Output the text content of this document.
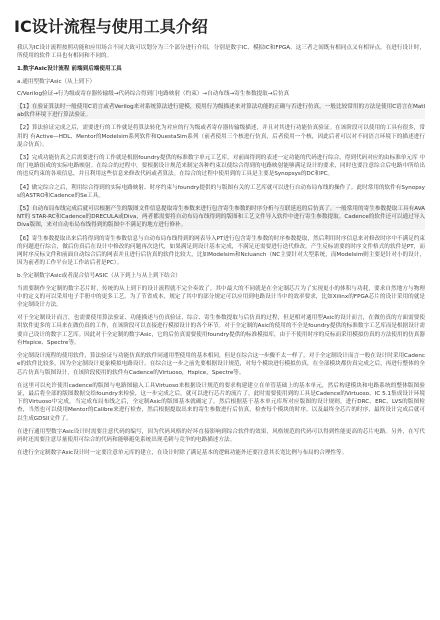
IC设计流程与使用工具介绍

我认为IC设计流程按照功能和应用场合不同大致可以划分为三个部分进行介绍，分别是数字IC、模拟IC和FPGA。这三者之间既有相同点又有相异点。在进行设计时，所使用的软件工具也有相同和不同的。

1.数字Asic设计流程 前端到后端使用工具

a.通用型数字Asic（从上到下）

C/Verilog验证→行为级或寄存器传输级→代码综合得到门电路映射（约束）→自动布线→寄生参数提取→后仿真

【1】在验证算法时一般使用C语言或者Verilog来对系统算法进行建模，使用行为级描述来对算法功能的正确与否进行仿真，一般比较常用的方法是使用C语言在Matlab软件环境下进行算法验证。

【2】算法验证完成之后，需要进行的工作就是将算法转化为对应的行为级或者寄存器传输级描述，并且对其进行功能仿真验证。在该阶段可以使用的工具有很多，常用的 有Active—HDL、Mentor的Modelsim系列软件和QuestaSim系列（前者使用三个核进行仿真，后者使用一个核，因此后者可以对不同语言环境下的描述进行混合仿真）。

【3】完成功能仿真之后需要进行的工作就是根据foundry提供的标准数字单元工艺库，对前面得到的表述一定功能的代码进行综合，得到代码对应的由标准单元库 中的门电路组成的实际电路映射。在综合的过程中，要根据设计规范来制定各种约束以使综合得到的电路映射能够满足设计的要求，同时也要注意综合后电路中所给出 的违反约束的各项信息，并且利用这些信息来修改代码或者算法。在综合的过程中使用到的工具是主要是Synopsys的DC和PC。

【4】做完综合之后，利用综合得到的实际电路映射、时序约束与foundry提供的与版图有关的工艺库就可以进行自动布局布线的操作了。此时常用的软件有Synopsys的ASTRO和Cadence的Se工具。

【5】自动布局布线完成后就可以根据产生的版图文件信息提取寄生参数来进行包含寄生参数的时序分析与互联延迟的后仿真了。一般常用的寄生参数提取工具有AVANT的 STAR-RC和Cadence的DRECULA或Diva，两者都需要将自动布局布线得到的版图和工艺文件导入软件中进行寄生参数提取。Cadence的软件还可以通过导入Diva版图，来对自动布局布线得到的版图中不满足的地方进行修补。

【6】寄生参数提取出来后将得到的寄生参数信息与自动布局布线得到的网表导入PT进行包含寄生参数的时序参数提取，然后利用时序信息来对修改时序中不满足约束的问题进行综合，做后仿真后在设计中修改的问题再次迭代，如果满足到设计基本完成，不满足还需要进行迭代修改。产生反标需要的时序文件格式的软件是PT，而网时序反标文件和前面自动综合后的网表并且进行后仿真的软件比较大，比如Modelsim和Ncluanch（NC主要针对大型系统，而Modelsim则主要是针对小的设计，因为前者的工作平台是工作站后者是PC）。

b.全定制数字Asic或者混合信号ASIC（从下到上与从上到下结合）

当需要制作全定制的数字芯片时，传统的从上到下的设计流程就不完全奏效了。其中最大的不同就是在全定制芯片为了实现更小的体积与功耗，要求自然地方与物理中的定义的可以采用电子手册中的更多工艺，为了节省成本，规定了其中的部分规定可以应用到电路设计当中的效率要求，比如Xilinx的FPGA芯片的设计采用的就是全定制设计方法。

对于全定制设计而言，也需要使用算法验证、功能描述与仿真验证、综合、寄生参数提取与后仿真的过程，但是相对通用型Asic的设计而言，在做仿真的方面需要使用软件更多的工具来在做仿真的工作，在该阶段可以直接进行模拟设计的各个环节。对于全定制的Asic的使用的不全是foundry提供的标准数字工艺库而是根据设计需要自己设计的数字工艺库。因此对于全定制的数字Asic，它的后仿真需要使用foundry提供的标准模拟库，由于不使用时序的反标而采用模拟仿真的方法使用的仿真器有Hspice、Spectre等。

全定制设计流程的使用软件，算法验证与功能仿真的软件同通用型使用的基本相同，但是在综合这一步骤不太一样了，对于全定制设计而言一般在设计时采用Cadence的软件比较多，因为全定制设计更象模拟电路设计。在综合这一步之前先要根据设计规范，对每个模块进行模拟仿真，在全部模块都仿真完成之后，再进行整体的全芯片仿真与版图设计，在该阶段使用的软件有Cadence的Virtuoso，Hspice，Spectre等。

在这里可以允许使用cadence的版图与电路图输入工具Virtuoso来根据设计规范的要求构建建立在单管基础上的基本单元，然后构建模块和电路系统的整体版图验证，最后将全部的版图数据交给foundry来检验，这一步完成之后，就可以进行芯片的流片了。此时需要使用到的工具是Cadence的Virtuoso、IC 5.1集成设计环境下的Virtuoso中完成，当完成布局布线之后，全定制Asic的版图基本就确定了，然后根据基于基本单元库所对应版图的设计规则，进行DRC、ERC、LVS的版图检查，当然也可以使用Mentor的Calibre来进行检查，然后根据提取出来的寄生参数进行后仿真，检查每个模块的时序，以及最终全芯片的时序，最终设计完成后就可以生成GDSII文件了。

在进行通用型数字Asic设计时需要注意代码的编写，因为代码风格的好坏直接影响到综合软件的效果，风格规范的代码可以得到性能更高的芯片电路。另外，在写代码时还需要注意尽量使用可综合的代码和能够避免系统出现毛刺与竞争的电路描述方法。

在进行全定制数字Asic设计时一定要注意单元库的建立，在设计时除了满足基本的逻辑功能外还要注意其长宽比例与布局的合理性等。
